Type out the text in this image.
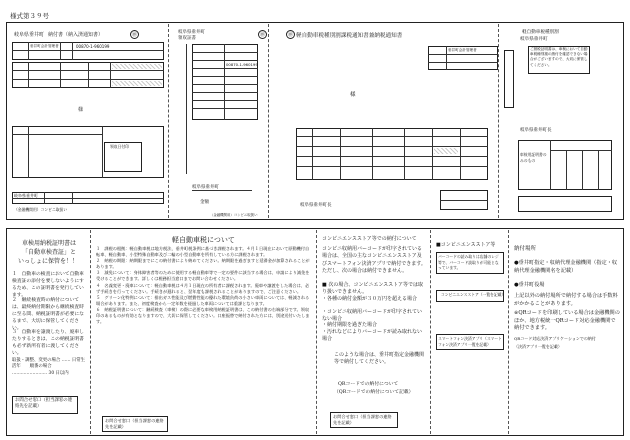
様式第３９号
岐阜県垂井町 納付書（納入済通知書）	㊞
00870-1-960199
垂井町会計管理者
様
領収日付印
岐阜県垂井町
（金融機関用）コンビニ取扱い
岐阜県垂井町
領収証書
㊞
00870-1-960199
岐阜県垂井町
金額
（金融機関用）コンビニ取扱い
軽自動車税種別割課税通知書兼納税通知書
㊞
垂井町会計管理者
様
岐阜県垂井町長
軽自動車税種別割
岐阜県垂井町
ご納税証明書は、車検において自動車税種別割の納付を確認できない場合がございますので、大切に保管してください。
岐阜県垂井町長
車検用証明書のみのもの
車検用納税証明書は
「自動車検査証」と
いっしょに保管を！！
１　自動車の検査において自動車検査証の添付を要しないようにするため、この証明書を発行しています。
２　継続検査時の納付については、最終納付期限から継続検査時に至る間、納税証明書が必要になるまで、大切に保管してください。
３　自動車を譲渡したり、廃車したりするときは、この納税証明書も必ず新所有者に渡してください。
取扱・調整、変更の場合 …… 日常生活年　　順番の場合 …………………… 30 日以内
お問合せ窓口（担当課窓の連絡先を記載）
軽自動車税について
１　課税の根拠：軽自動車税は地方税法、垂井町税条例に基づき課税されます。４月１日現在において原動機付自転車、軽自動車、小型特殊自動車及び二輪の小型自動車を所有している方に課税されます。
２　納税の期限：納期限までにこの納付書により納めてください。納期限を過ぎますと延滞金が加算されることがあります。
３　減免について：身体障害者等のために使用する軽自動車等で一定の要件に該当する場合は、申請により減免を受けることができます。詳しくは税務担当窓口までお問い合わせください。
４　名義変更・廃車について：軽自動車税は４月１日現在の所有者に課税されます。廃車や譲渡をした場合は、必ず手続きを行ってください。手続きが遅れると、翌年度も課税されることがありますので、ご注意ください。
５　グリーン化特例について：排出ガス性能及び燃費性能の優れた環境負荷の小さい車両については、軽減される場合があります。また、初度検査から一定年数を経過した車両については重課となります。
６　納税証明書について：継続検査（車検）の際に必要な車検用納税証明書は、この納付書の右端部分です。領収印のあるものが有効となりますので、大切に保管してください。口座振替で納付された方には、別途送付いたします。
お問合せ窓口（担当課窓の連絡先を記載）
コンビニエンスストア等での納付について
コンビニ収納用バーコードが印字されている場合は、全国の主なコンビニエンスストア及びスマートフォン決済アプリで納付できます。ただし、次の場合は納付できません。
■ 次の場合、コンビニエンスストア等では取り扱いできません。
・各種の納付金額が３０万円を超える場合
・コンビニ収納用バーコードが印字されていない場合
・納付期限を過ぎた場合
・汚れなどによりバーコードが読み取れない場合
このような場合は、垂井町指定金融機関等で納付してください。
QRコードでの納付について
（QRコードでの納付について記載）
お問合せ窓口（担当課窓の連絡先を記載）
■コンビニエンスストア等
バーコードの読み取りは店舗のレジ等で、バーコード読取りが可能となっています。
コンビニエンスストア（一覧を記載）
スマートフォン決済アプリ（スマートフォン決済アプリ一覧を記載）
納付場所
●垂井町指定・収納代理金融機関（指定・収納代理金融機関名を記載）
●垂井町役場
上記以外の納付場所で納付する場合は手数料がかかることがあります。
※QRコードを印刷している場合は金融機関のほか、地方税統一QRコード対応金融機関で納付できます。
QRコード対応決済アプリケーションでの納付
（決済アプリ一覧を記載）
